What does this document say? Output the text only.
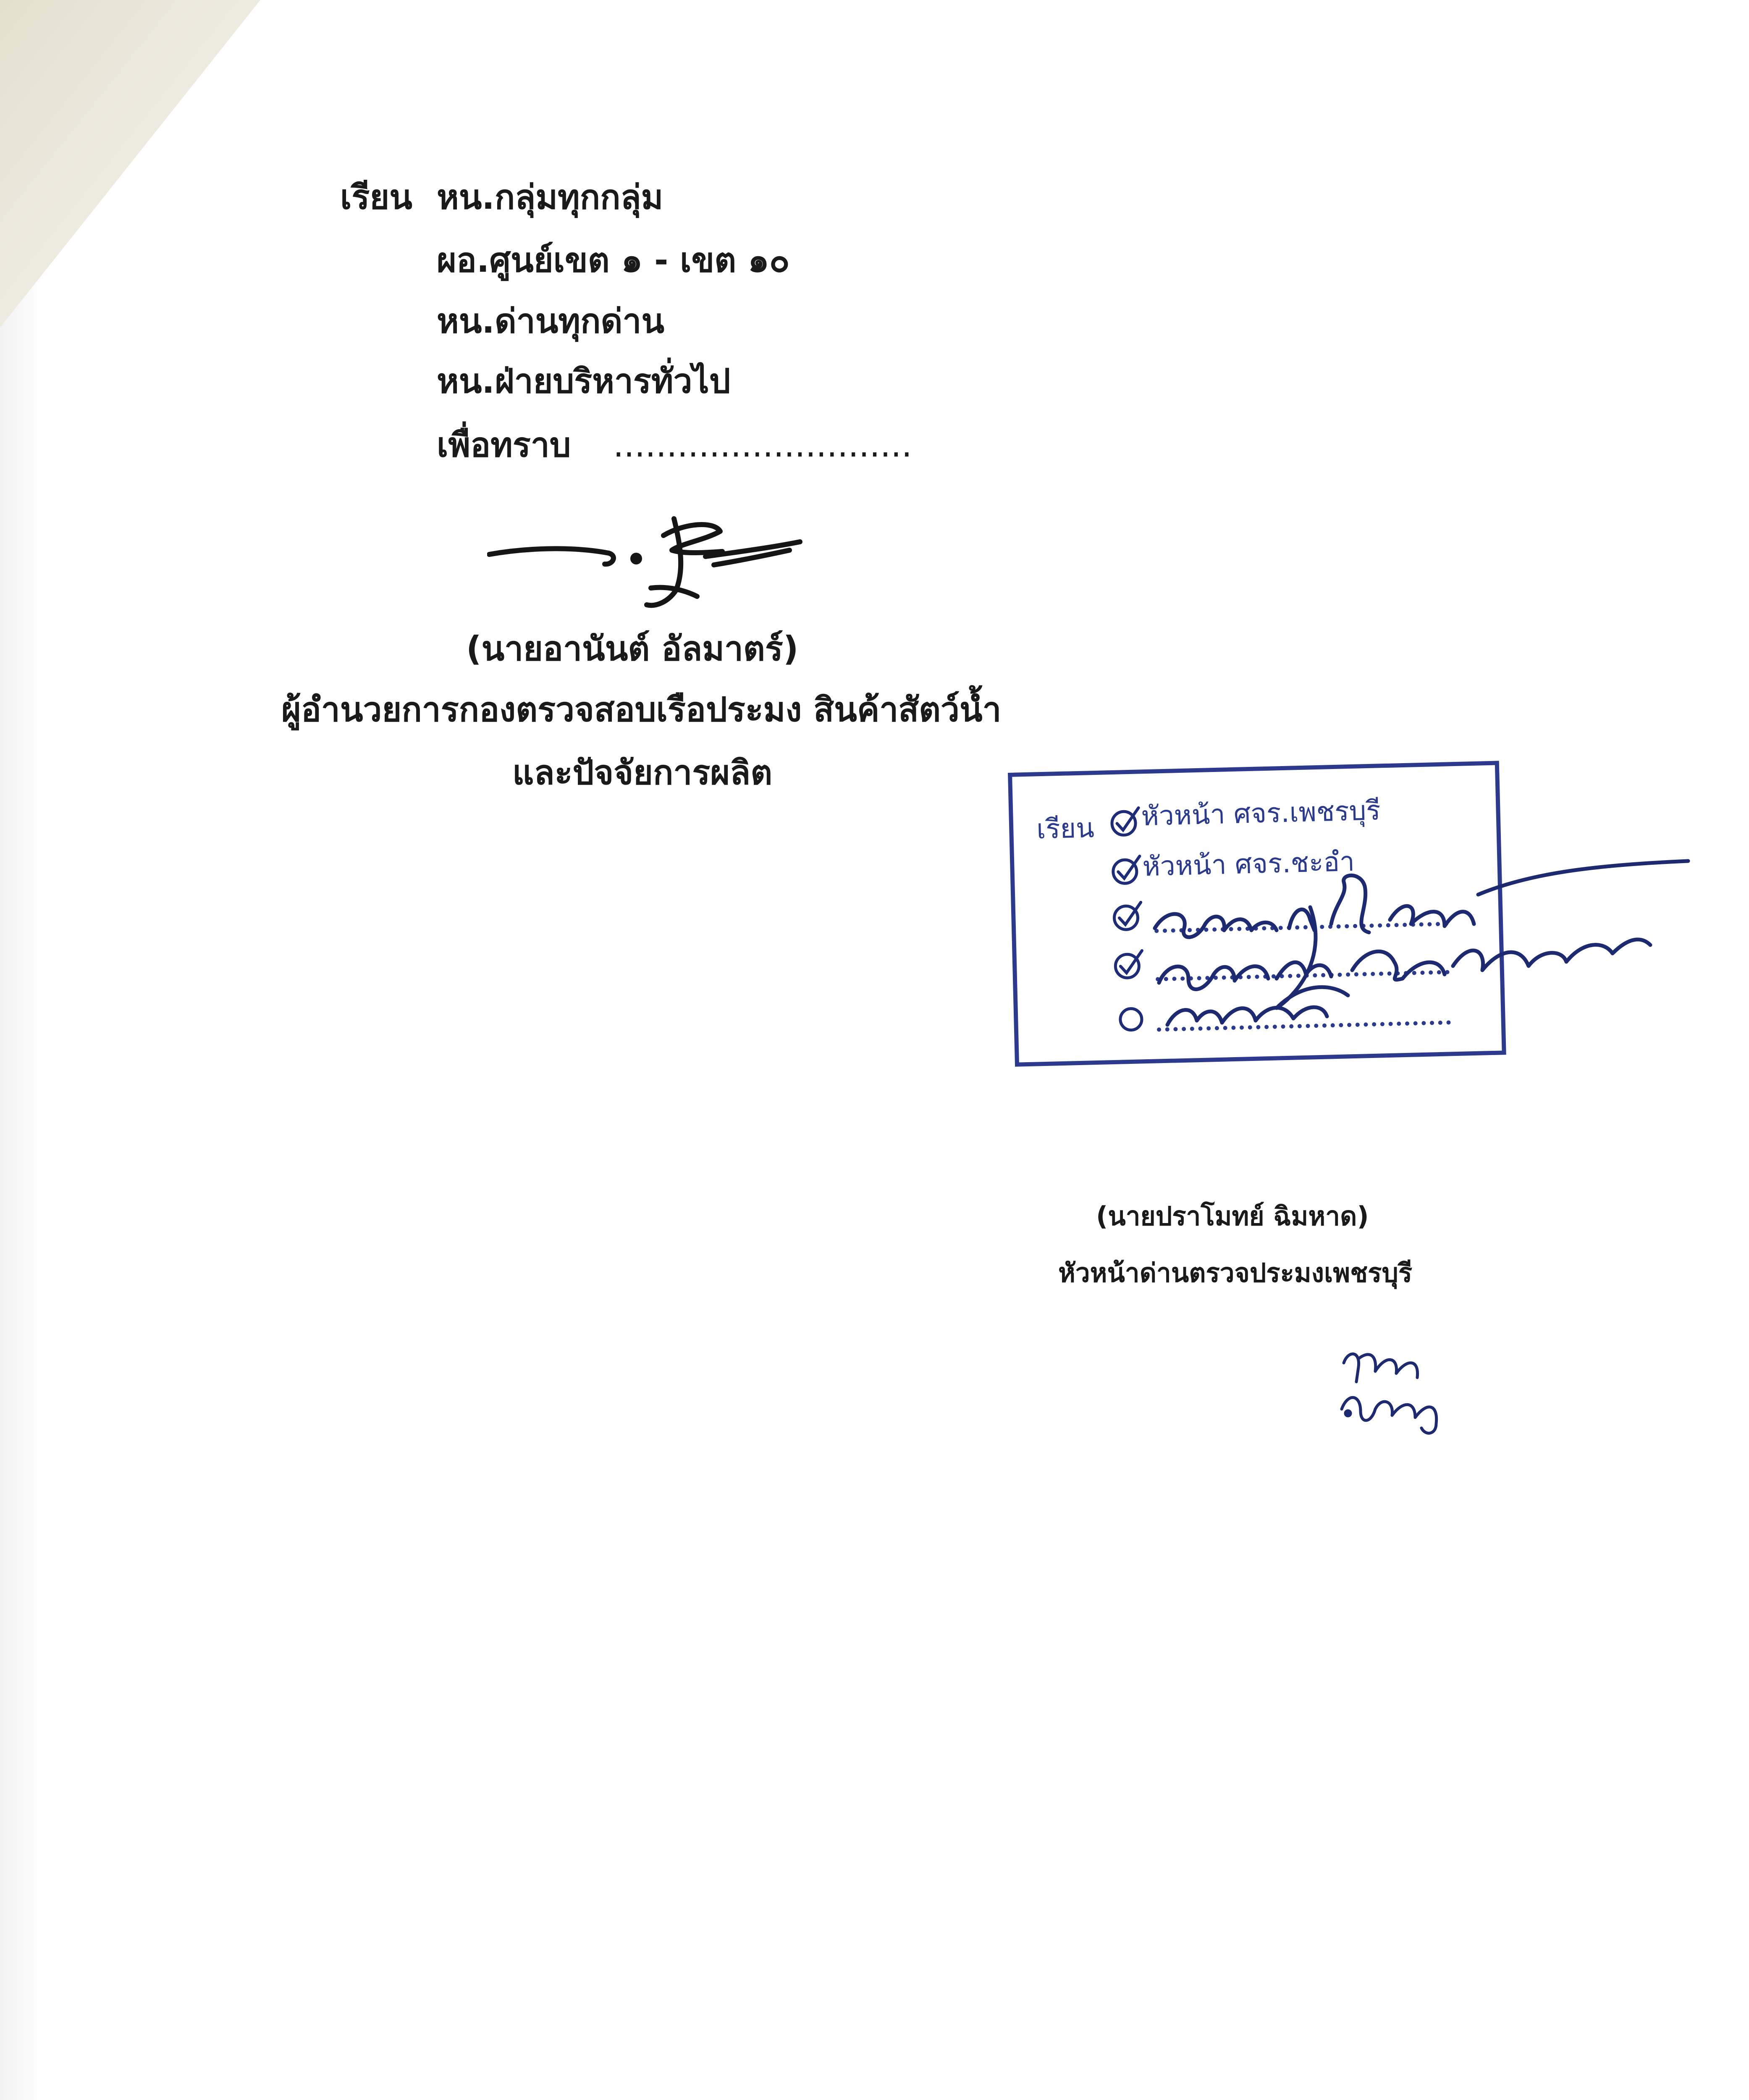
เรียน หน.กลุ่มทุกกลุ่ม
ผอ.ศูนย์เขต ๑ - เขต ๑๐
หน.ด่านทุกด่าน
หน.ฝ่ายบริหารทั่วไป
เพื่อทราบ ............................
(นายอานันต์ อัลมาตร์)
ผู้อำนวยการกองตรวจสอบเรือประมง สินค้าสัตว์น้ำ
และปัจจัยการผลิต
เรียน หัวหน้า ศจร.เพชรบุรี
หัวหน้า ศจร.ชะอำ
(นายปราโมทย์ ฉิมหาด)
หัวหน้าด่านตรวจประมงเพชรบุรี
